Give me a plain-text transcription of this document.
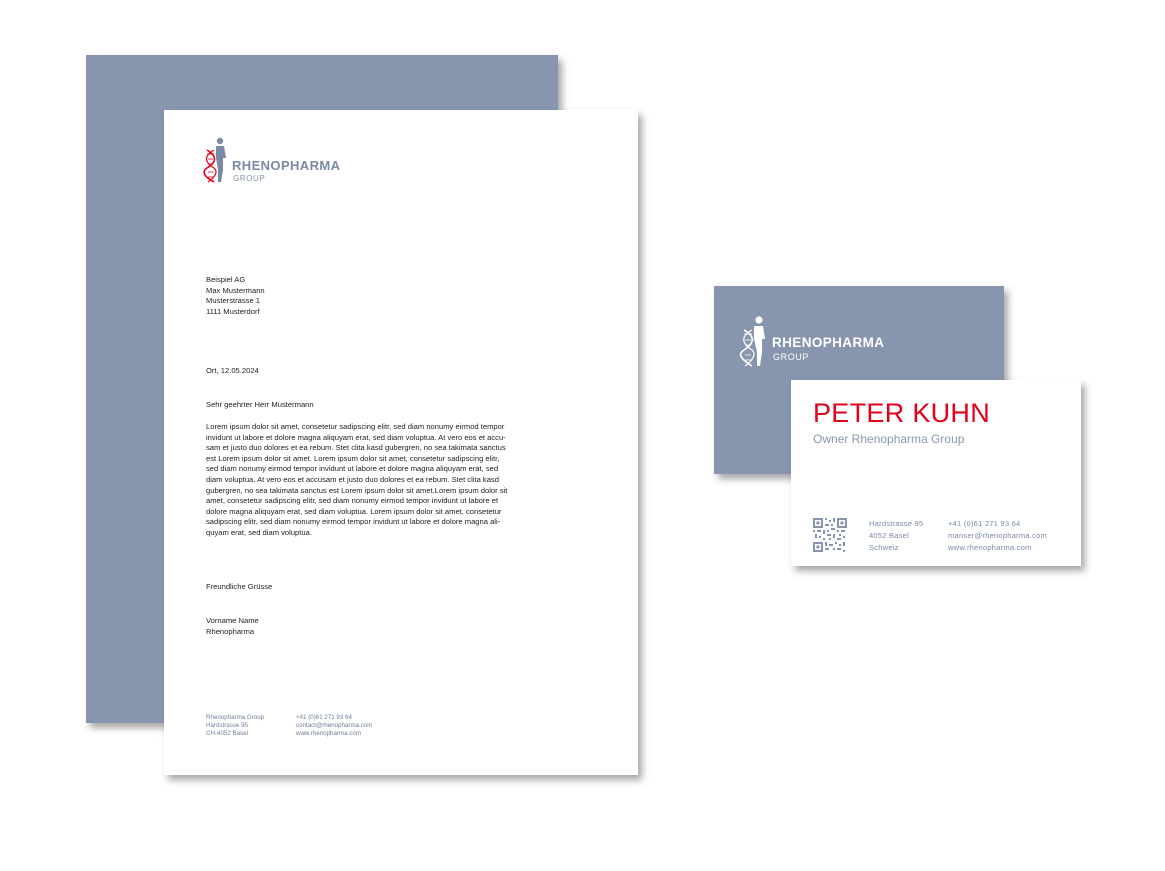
RHENOPHARMA
GROUP
Beispiel AG
Max Mustermann
Musterstrasse 1
1111 Musterdorf
Ort, 12.05.2024
Sehr geehrter Herr Mustermann
Lorem ipsum dolor sit amet, consetetur sadipscing elitr, sed diam nonumy eirmod tempor
invidunt ut labore et dolore magna aliquyam erat, sed diam voluptua. At vero eos et accu-
sam et justo duo dolores et ea rebum. Stet clita kasd gubergren, no sea takimata sanctus
est Lorem ipsum dolor sit amet. Lorem ipsum dolor sit amet, consetetur sadipscing elitr,
sed diam nonumy eirmod tempor invidunt ut labore et dolore magna aliquyam erat, sed
diam voluptua. At vero eos et accusam et justo duo dolores et ea rebum. Stet clita kasd
gubergren, no sea takimata sanctus est Lorem ipsum dolor sit amet.Lorem ipsum dolor sit
amet, consetetur sadipscing elitr, sed diam nonumy eirmod tempor invidunt ut labore et
dolore magna aliquyam erat, sed diam voluptua. Lorem ipsum dolor sit amet, consetetur
sadipscing elitr, sed diam nonumy eirmod tempor invidunt ut labore et dolore magna ali-
quyam erat, sed diam voluptua.
Freundliche Grüsse
Vorname Name
Rhenopharma
Rhenopharma Group
Hardstrasse 95
CH-4052 Basel
+41 (0)61 271 93 64
contact@rhenopharma.com
www.rhenopharma.com
RHENOPHARMA
GROUP
PETER KUHN
Owner Rhenopharma Group
Hardstrasse 95
4052 Basel
Schweiz
+41 (0)61 271 93 64
manser@rhenopharma.com
www.rhenopharma.com
